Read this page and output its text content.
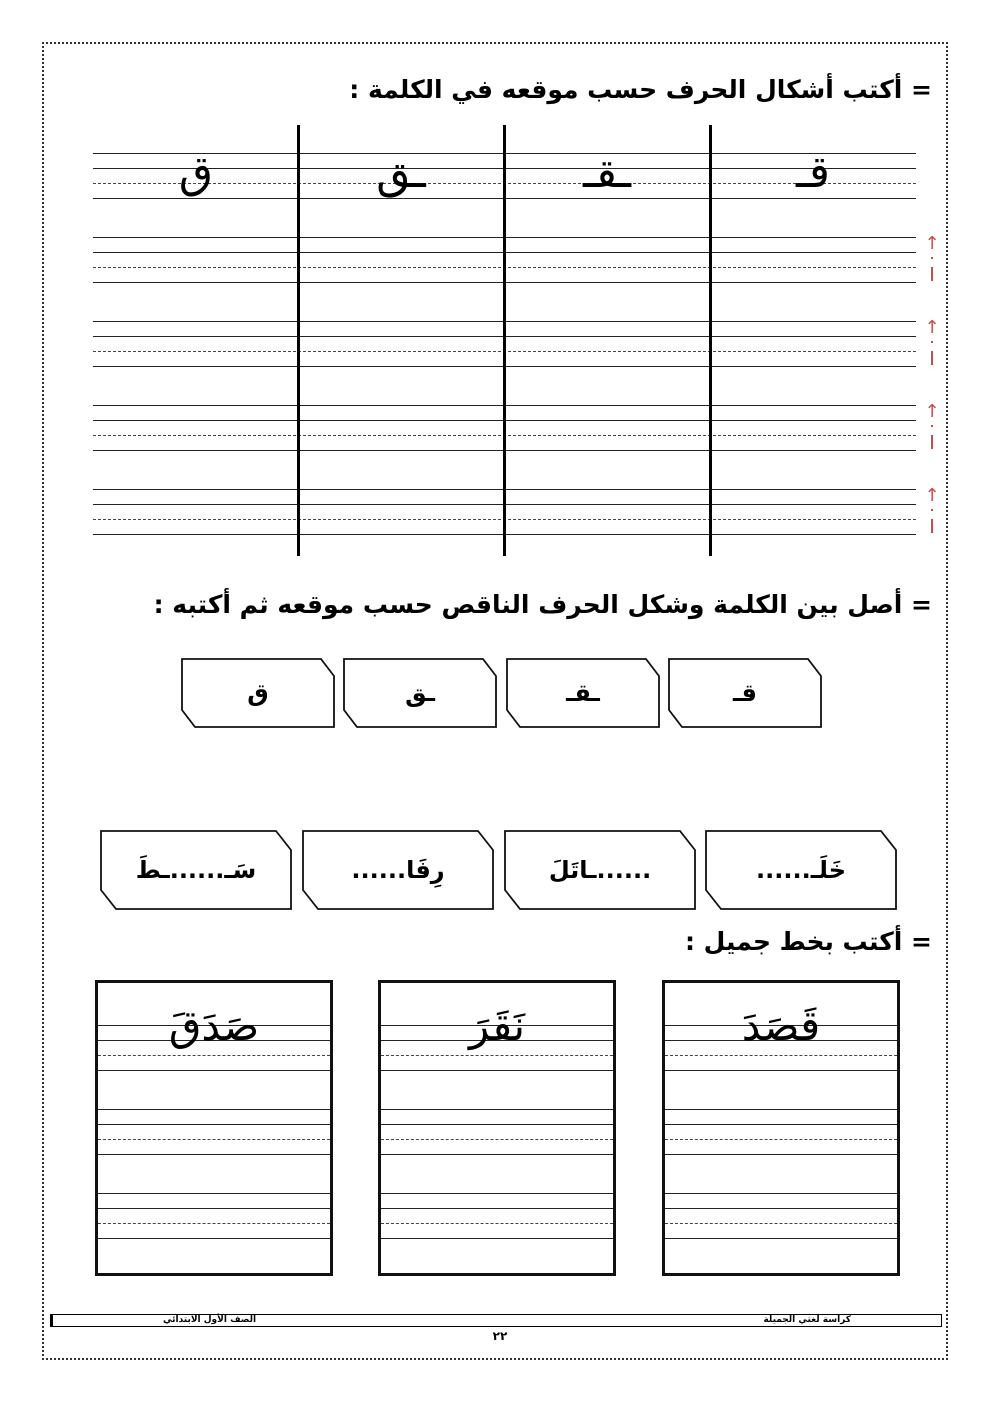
= أكتب أشكال الحرف حسب موقعه في الكلمة :
↑
↑
↑
↑
قـ
ـقـ
ـق
ق
= أصل بين الكلمة وشكل الحرف الناقص حسب موقعه ثم أكتبه :
قـ
ـقـ
ـق
ق
خَلَـ......
......ـاتَلَ
رِفَا......
سَـ......ـطَ
= أكتب بخط جميل :
قَصَدَ
نَقَرَ
صَدَقَ
كراسة لغتي الجميلة
الصف الأول الابتدائي
٢٢
